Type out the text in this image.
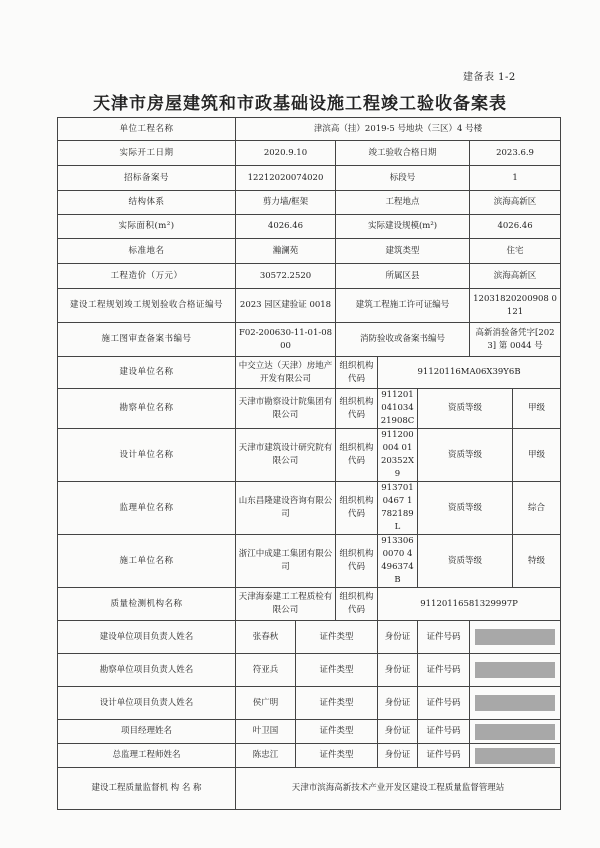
建备表 1-2
天津市房屋建筑和市政基础设施工程竣工验收备案表
单位工程名称	津滨高（挂）2019-5 号地块（三区）4 号楼						
实际开工日期	2020.9.10		竣工验收合格日期			2023.6.9	
招标备案号	12212020074020		标段号			1	
结构体系	剪力墙/框架		工程地点			滨海高新区	
实际面积(m²)	4026.46		实际建设规模(m²)			4026.46	
标准地名	瀚澜苑		建筑类型			住宅	
工程造价（万元）	30572.2520		所属区县			滨海高新区	
建设工程规划竣工规划验收合格证编号	2023 园区建验证 0018		建筑工程施工许可证编号			12031820200908 0121	
施工图审查备案书编号	F02-200630-11-01-0800		消防验收或备案书编号			高新消验备凭字[2023] 第 0044 号	
建设单位名称	中交立达（天津）房地产开发有限公司		组织机构代码	91120116MA06X39Y6B			
勘察单位名称	天津市勘察设计院集团有限公司		组织机构代码	91120104103421908C	资质等级		甲级
设计单位名称	天津市建筑设计研究院有限公司		组织机构代码	911200004 0120352X9	资质等级		甲级
监理单位名称	山东昌隆建设咨询有限公司		组织机构代码	9137010467 1782189L	资质等级		综合
施工单位名称	浙江中成建工集团有限公司		组织机构代码	9133060070 4496374B	资质等级		特级
质量检测机构名称	天津海泰建工工程质检有限公司		组织机构代码	91120116581329997P			
建设单位项目负责人姓名	张春秋	证件类型		身份证	证件号码		
勘察单位项目负责人姓名	符亚兵	证件类型		身份证	证件号码		
设计单位项目负责人姓名	侯广明	证件类型		身份证	证件号码		
项目经理姓名	叶卫国	证件类型		身份证	证件号码		
总监理工程师姓名	陈忠江	证件类型		身份证	证件号码		
建设工程质量监督机 构 名 称	天津市滨海高新技术产业开发区建设工程质量监督管理站						
